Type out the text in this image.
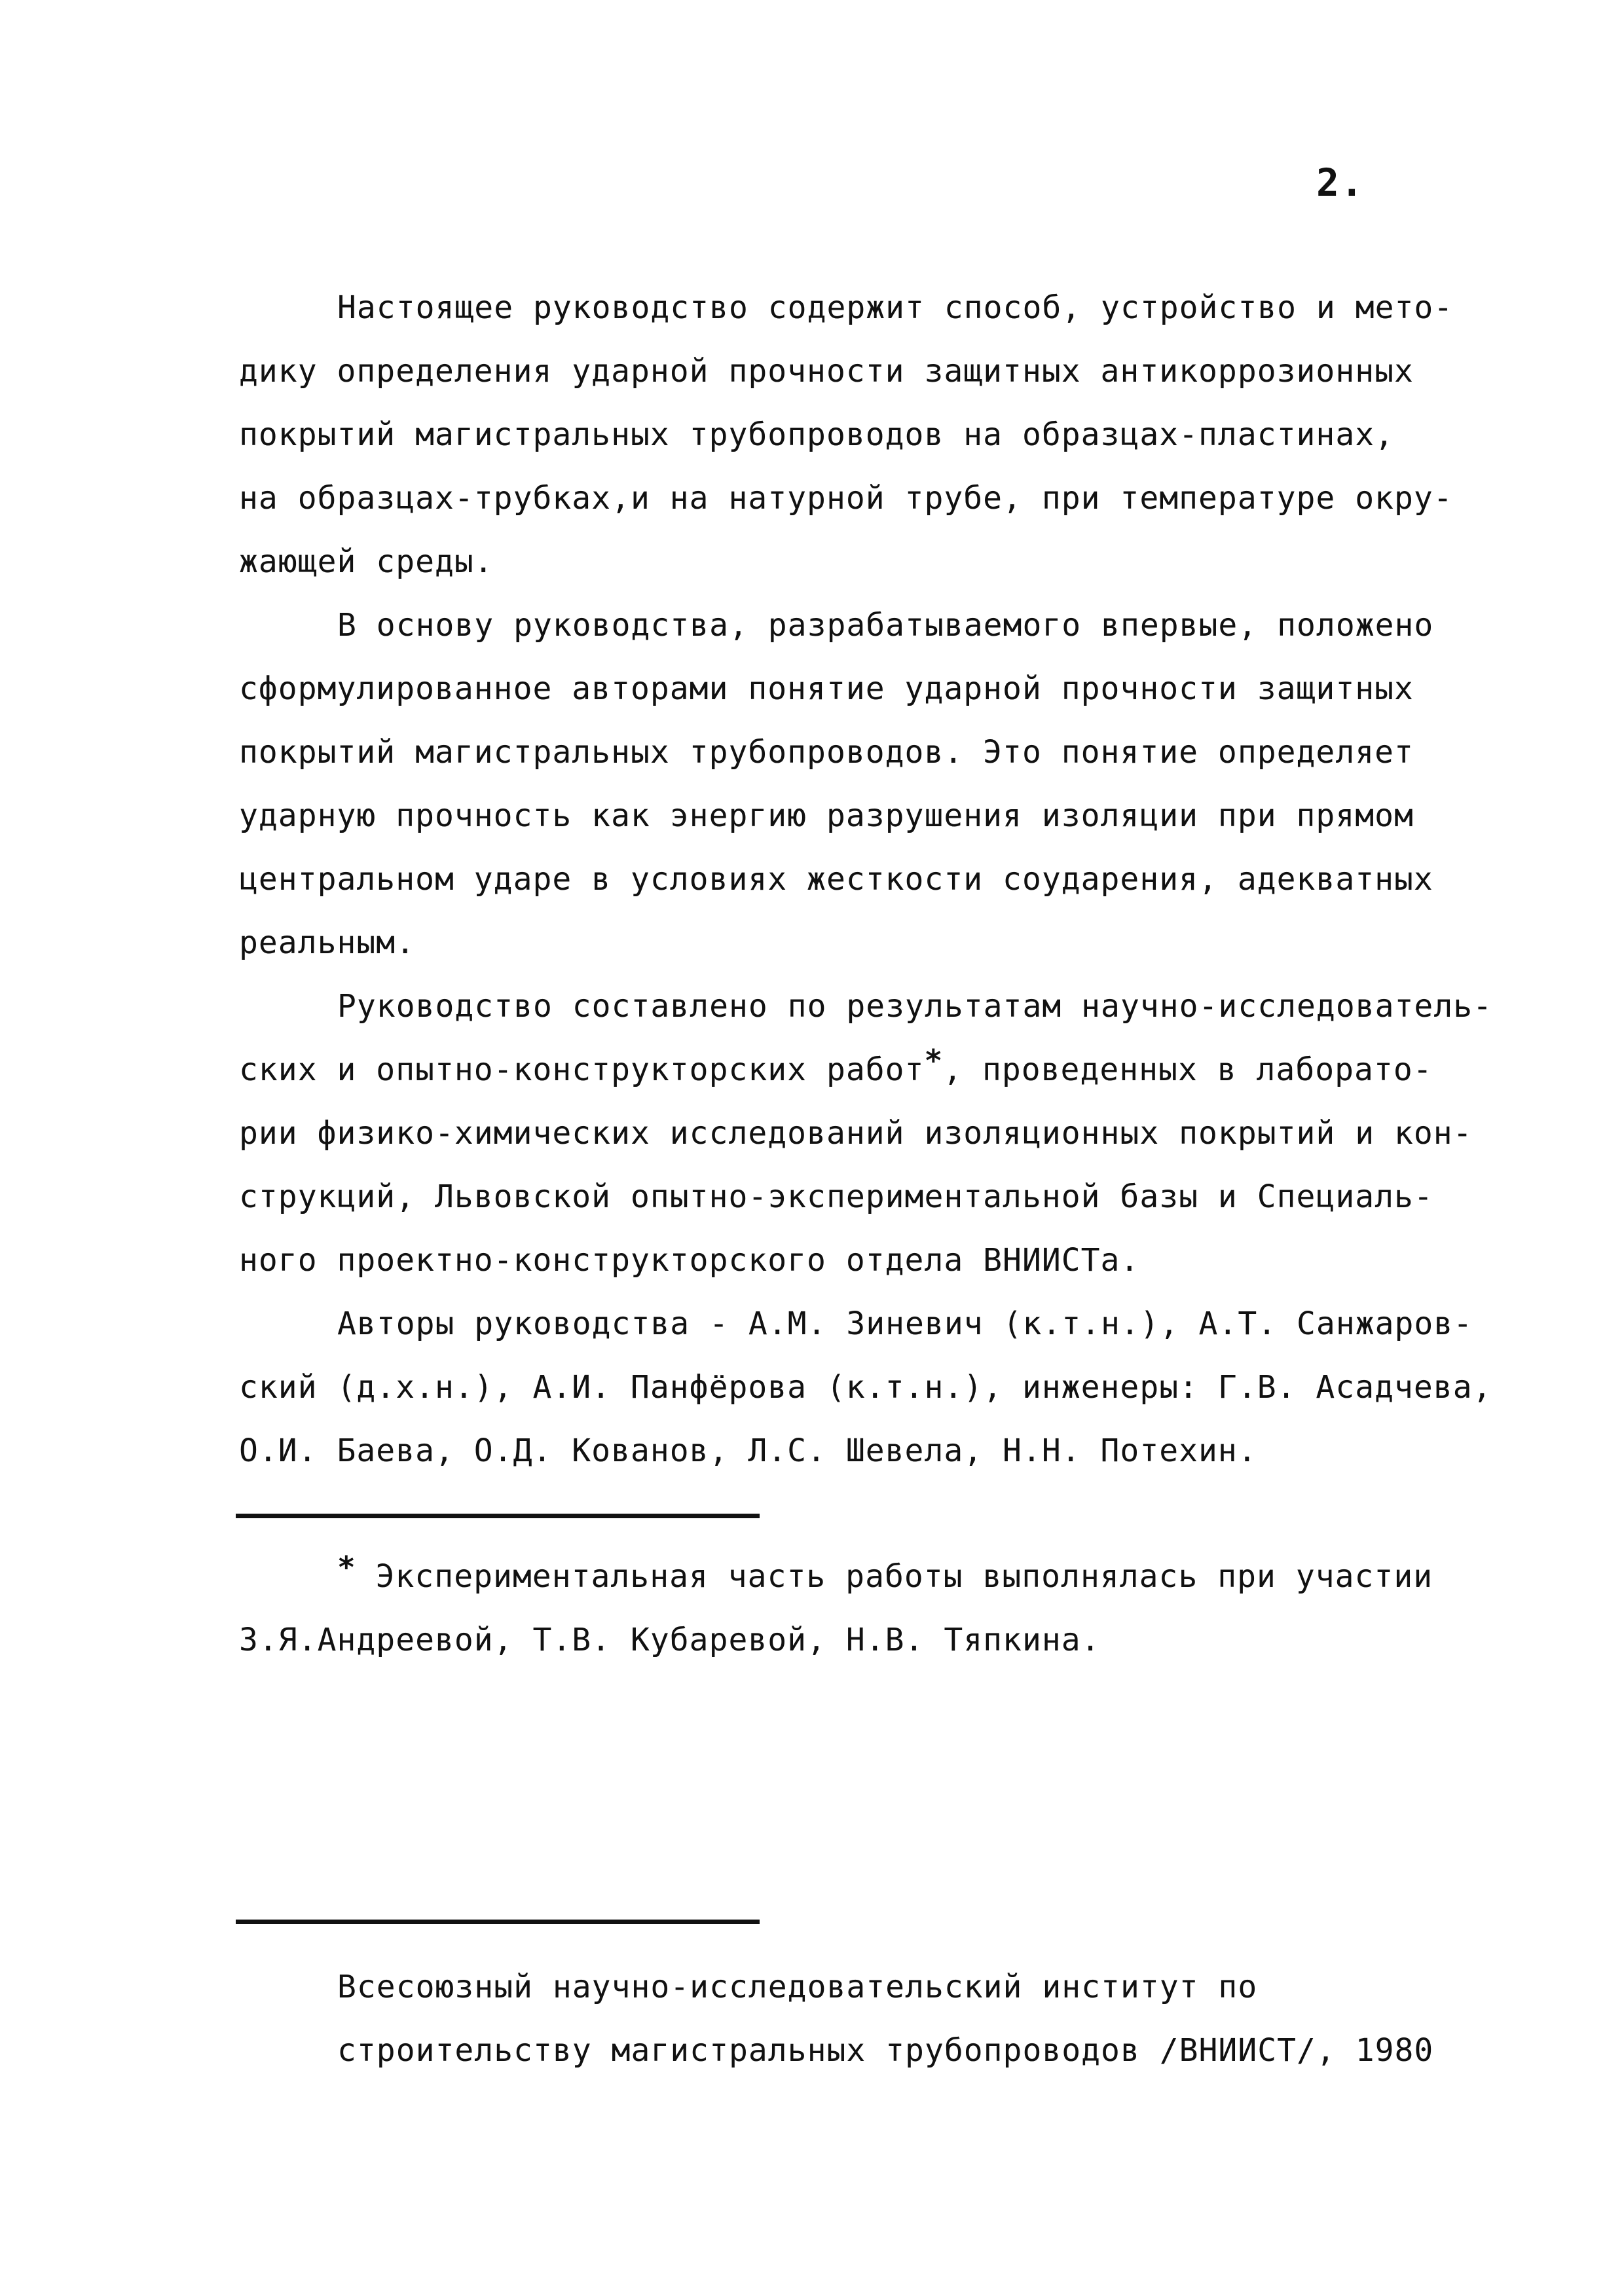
2.
Настоящее руководство содержит способ, устройство и мето-
дику определения ударной прочности защитных антикоррозионных
покрытий магистральных трубопроводов на образцах-пластинах,
на образцах-трубках,и на натурной трубе, при температуре окру-
жающей среды.
В основу руководства, разрабатываемого впервые, положено
сформулированное авторами понятие ударной прочности защитных
покрытий магистральных трубопроводов. Это понятие определяет
ударную прочность как энергию разрушения изоляции при прямом
центральном ударе в условиях жесткости соударения, адекватных
реальным.
Руководство составлено по результатам научно-исследователь-
ских и опытно-конструкторских работ*, проведенных в лаборато-
рии физико-химических исследований изоляционных покрытий и кон-
струкций, Львовской опытно-экспериментальной базы и Специаль-
ного проектно-конструкторского отдела ВНИИСТа.
Авторы руководства - А.М. Зиневич (к.т.н.), А.Т. Санжаров-
ский (д.х.н.), А.И. Панфёрова (к.т.н.), инженеры: Г.В. Асадчева,
О.И. Баева, О.Д. Кованов, Л.С. Шевела, Н.Н. Потехин.
* Экспериментальная часть работы выполнялась при участии
З.Я.Андреевой, Т.В. Кубаревой, Н.В. Тяпкина.
Всесоюзный научно-исследовательский институт по
строительству магистральных трубопроводов /ВНИИСТ/, 1980
